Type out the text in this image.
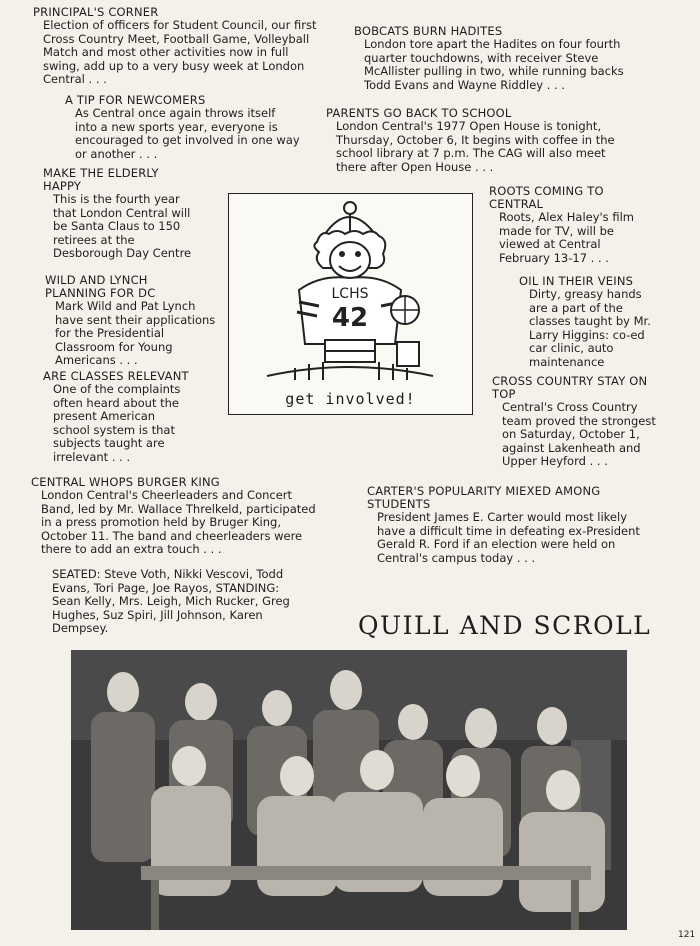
PRINCIPAL'S CORNER
Election of officers for Student Council, our first
Cross Country Meet, Football Game, Volleyball
Match and most other activities now in full
swing, add up to a very busy week at London
Central . . .
A TIP FOR NEWCOMERS
As Central once again throws itself
into a new sports year, everyone is
encouraged to get involved in one way
or another . . .
MAKE THE ELDERLY
HAPPY
This is the fourth year
that London Central will
be Santa Claus to 150
retirees at the
Desborough Day Centre
WILD AND LYNCH
PLANNING FOR DC
Mark Wild and Pat Lynch
have sent their applications
for the Presidential
Classroom for Young
Americans . . .
ARE CLASSES RELEVANT
One of the complaints
often heard about the
present American
school system is that
subjects taught are
irrelevant . . .
CENTRAL WHOPS BURGER KING
London Central's Cheerleaders and Concert
Band, led by Mr. Wallace Threlkeld, participated
in a press promotion held by Bruger King,
October 11. The band and cheerleaders were
there to add an extra touch . . .
SEATED: Steve Voth, Nikki Vescovi, Todd
Evans, Tori Page, Joe Rayos, STANDING:
Sean Kelly, Mrs. Leigh, Mich Rucker, Greg
Hughes, Suz Spiri, Jill Johnson, Karen
Dempsey.
BOBCATS BURN HADITES
London tore apart the Hadites on four fourth
quarter touchdowns, with receiver Steve
McAllister pulling in two, while running backs
Todd Evans and Wayne Riddley . . .
PARENTS GO BACK TO SCHOOL
London Central's 1977 Open House is tonight,
Thursday, October 6, It begins with coffee in the
school library at 7 p.m. The CAG will also meet
there after Open House . . .
ROOTS COMING TO
CENTRAL
Roots, Alex Haley's film
made for TV, will be
viewed at Central
February 13-17 . . .
OIL IN THEIR VEINS
Dirty, greasy hands
are a part of the
classes taught by Mr.
Larry Higgins: co-ed
car clinic, auto
maintenance
CROSS COUNTRY STAY ON
TOP
Central's Cross Country
team proved the strongest
on Saturday, October 1,
against Lakenheath and
Upper Heyford . . .
CARTER'S POPULARITY MIEXED AMONG
STUDENTS
President James E. Carter would most likely
have a difficult time in defeating ex-President
Gerald R. Ford if an election were held on
Central's campus today . . .
LCHS
42
get involved!
QUILL AND SCROLL
121
